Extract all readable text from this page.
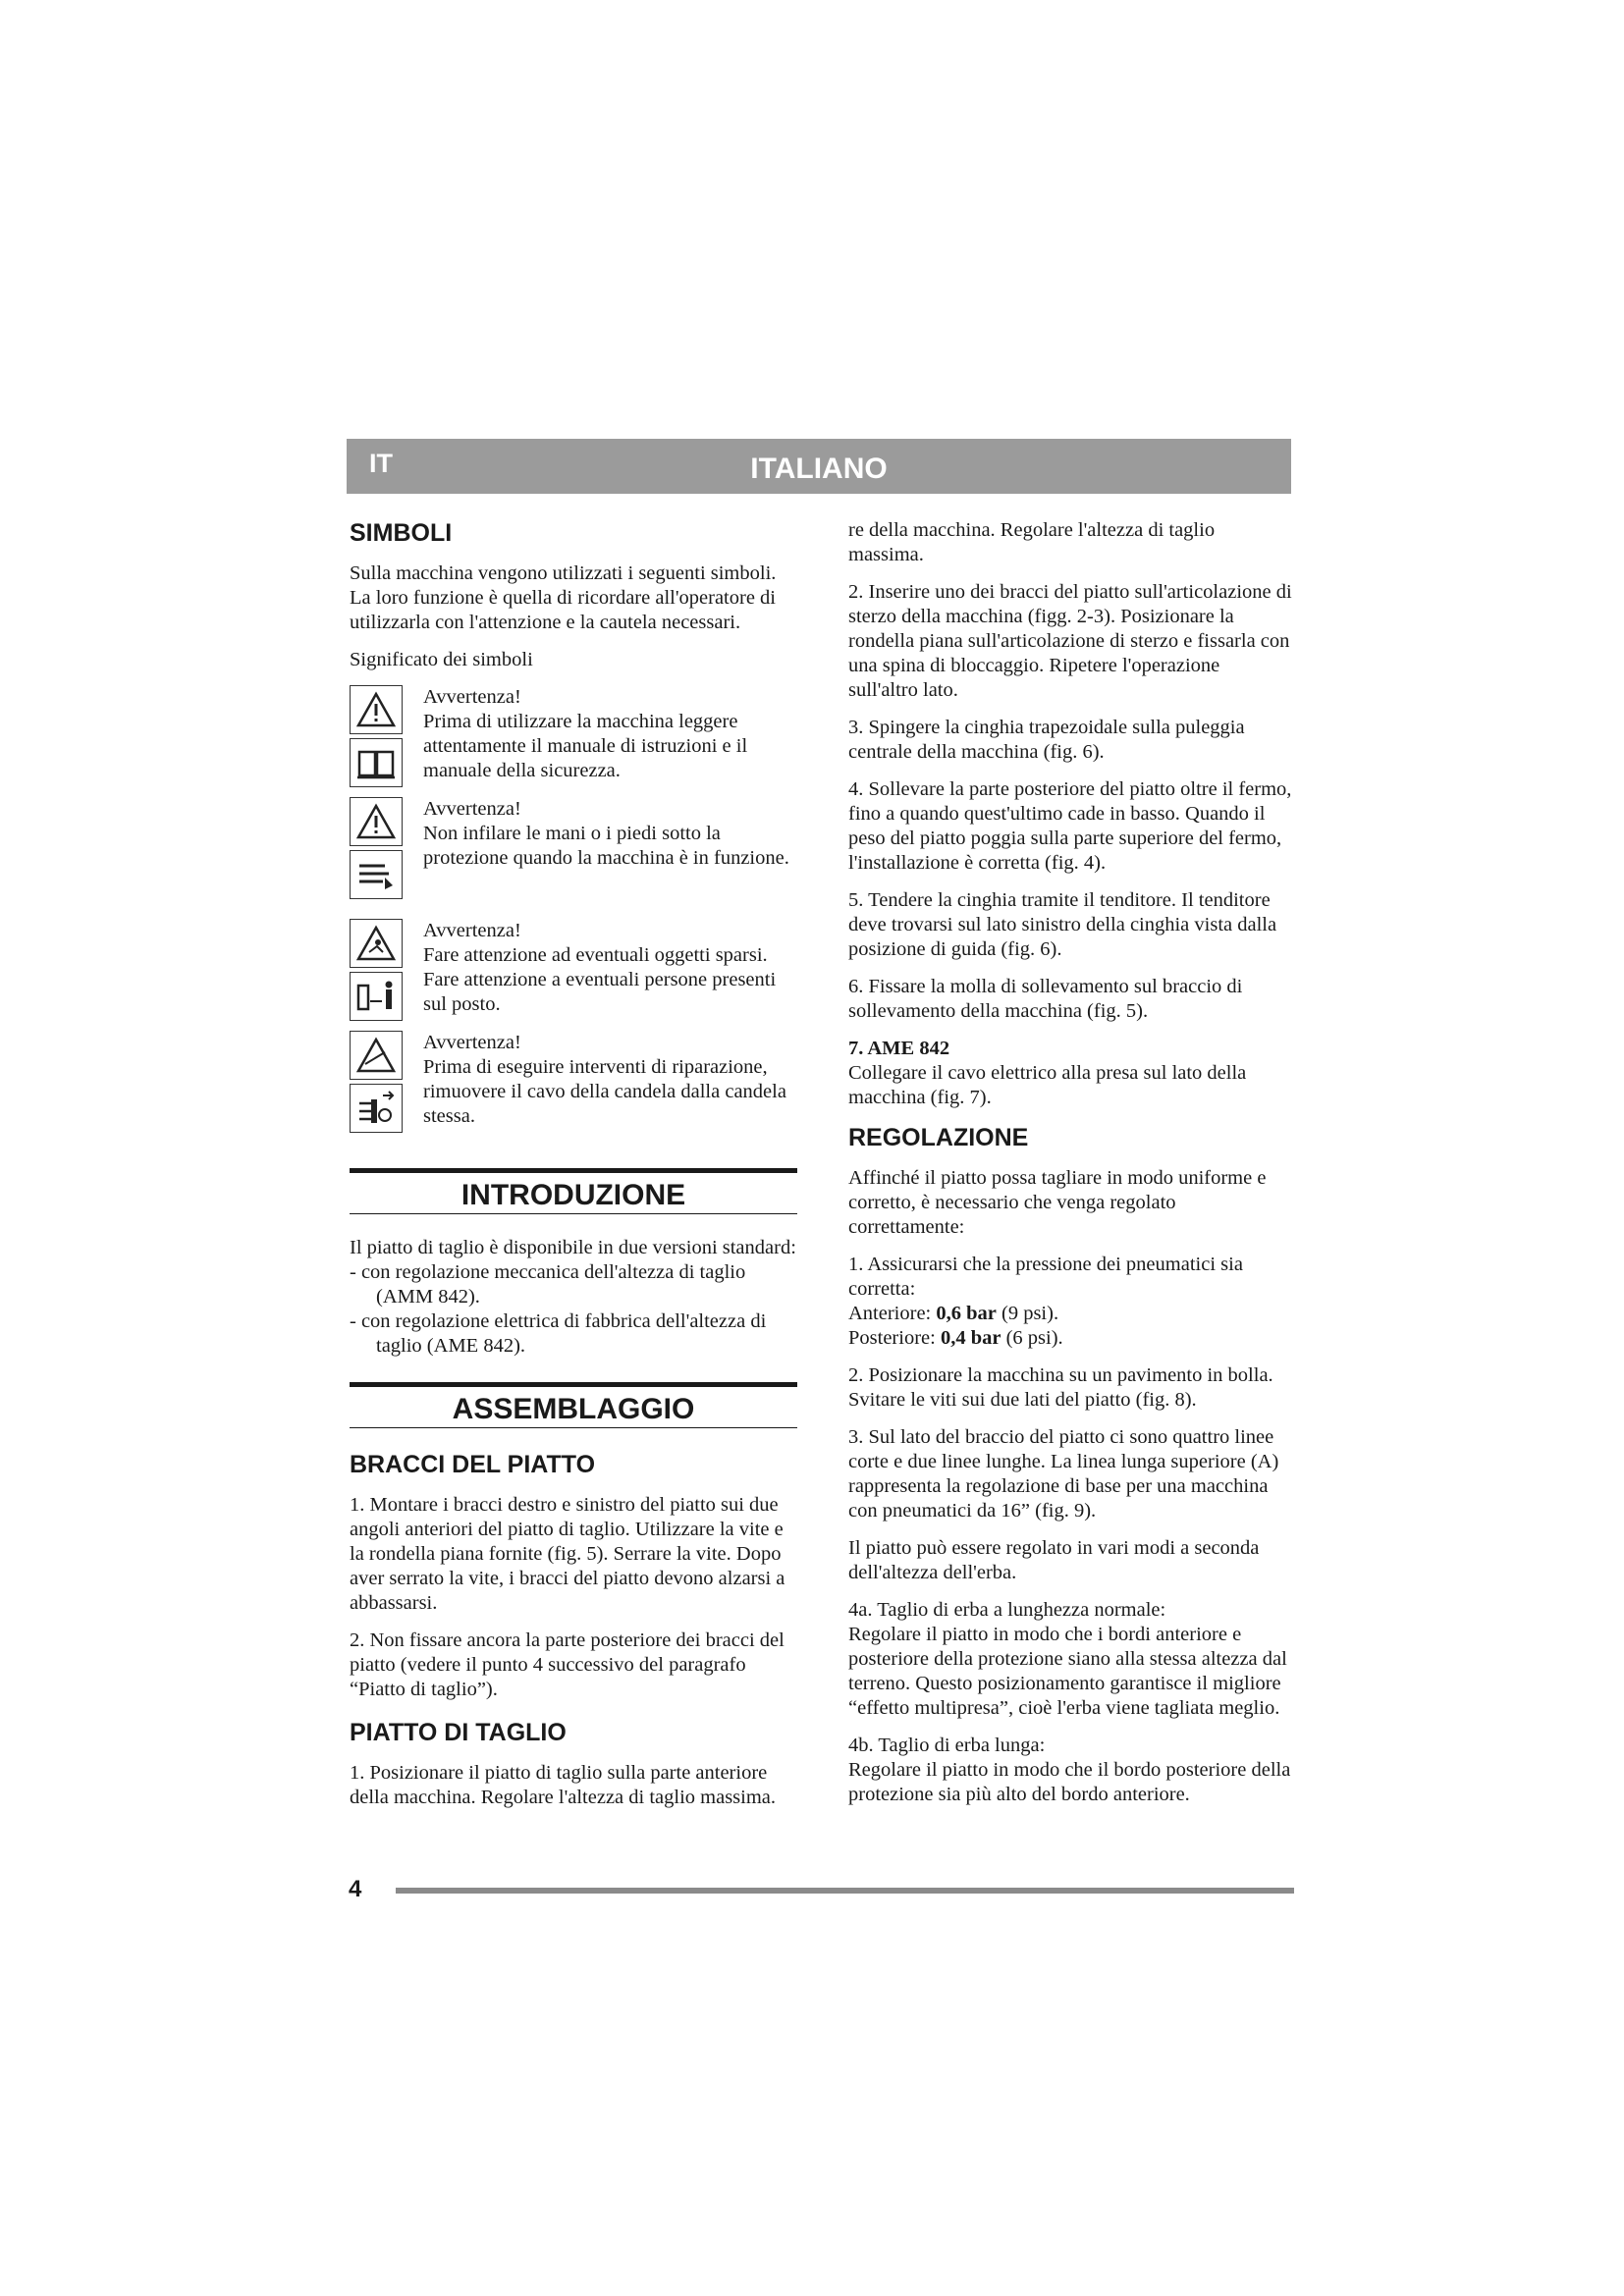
IT	ITALIANO
SIMBOLI

Sulla macchina vengono utilizzati i seguenti simboli. La loro funzione è quella di ricordare all'operatore di utilizzarla con l'attenzione e la cautela necessari.

Significato dei simboli

Avvertenza!
Prima di utilizzare la macchina leggere attentamente il manuale di istruzioni e il manuale della sicurezza.
Avvertenza!
Non infilare le mani o i piedi sotto la protezione quando la macchina è in funzione.
Avvertenza!
Fare attenzione ad eventuali oggetti sparsi. Fare attenzione a eventuali persone presenti sul posto.
Avvertenza!
Prima di eseguire interventi di riparazione, rimuovere il cavo della candela dalla candela stessa.
INTRODUZIONE

Il piatto di taglio è disponibile in due versioni standard:

- con regolazione meccanica dell'altezza di taglio (AMM 842).

- con regolazione elettrica di fabbrica dell'altezza di taglio (AME 842).

ASSEMBLAGGIO
BRACCI DEL PIATTO

1. Montare i bracci destro e sinistro del piatto sui due angoli anteriori del piatto di taglio. Utilizzare la vite e la rondella piana fornite (fig. 5). Serrare la vite. Dopo aver serrato la vite, i bracci del piatto devono alzarsi a abbassarsi.

2. Non fissare ancora la parte posteriore dei bracci del piatto (vedere il punto 4 successivo del paragrafo “Piatto di taglio”).

PIATTO DI TAGLIO

1. Posizionare il piatto di taglio sulla parte anteriore della macchina. Regolare l'altezza di taglio massima.

re della macchina. Regolare l'altezza di taglio massima.

2. Inserire uno dei bracci del piatto sull'articolazione di sterzo della macchina (figg. 2-3). Posizionare la rondella piana sull'articolazione di sterzo e fissarla con una spina di bloccaggio. Ripetere l'operazione sull'altro lato.

3. Spingere la cinghia trapezoidale sulla puleggia centrale della macchina (fig. 6).

4. Sollevare la parte posteriore del piatto oltre il fermo, fino a quando quest'ultimo cade in basso. Quando il peso del piatto poggia sulla parte superiore del fermo, l'installazione è corretta (fig. 4).

5. Tendere la cinghia tramite il tenditore. Il tenditore deve trovarsi sul lato sinistro della cinghia vista dalla posizione di guida (fig. 6).

6. Fissare la molla di sollevamento sul braccio di sollevamento della macchina (fig. 5).

7. AME 842

Collegare il cavo elettrico alla presa sul lato della macchina (fig. 7).

REGOLAZIONE

Affinché il piatto possa tagliare in modo uniforme e corretto, è necessario che venga regolato correttamente:

1. Assicurarsi che la pressione dei pneumatici sia corretta:
Anteriore: 0,6 bar (9 psi).

Posteriore: 0,4 bar (6 psi).

2. Posizionare la macchina su un pavimento in bolla. Svitare le viti sui due lati del piatto (fig. 8).

3. Sul lato del braccio del piatto ci sono quattro linee corte e due linee lunghe. La linea lunga superiore (A) rappresenta la regolazione di base per una macchina con pneumatici da 16” (fig. 9).

Il piatto può essere regolato in vari modi a seconda dell'altezza dell'erba.

4a. Taglio di erba a lunghezza normale:

Regolare il piatto in modo che i bordi anteriore e posteriore della protezione siano alla stessa altezza dal terreno. Questo posizionamento garantisce il migliore “effetto multipresa”, cioè l'erba viene tagliata meglio.

4b. Taglio di erba lunga:

Regolare il piatto in modo che il bordo posteriore della protezione sia più alto del bordo anteriore.

4
